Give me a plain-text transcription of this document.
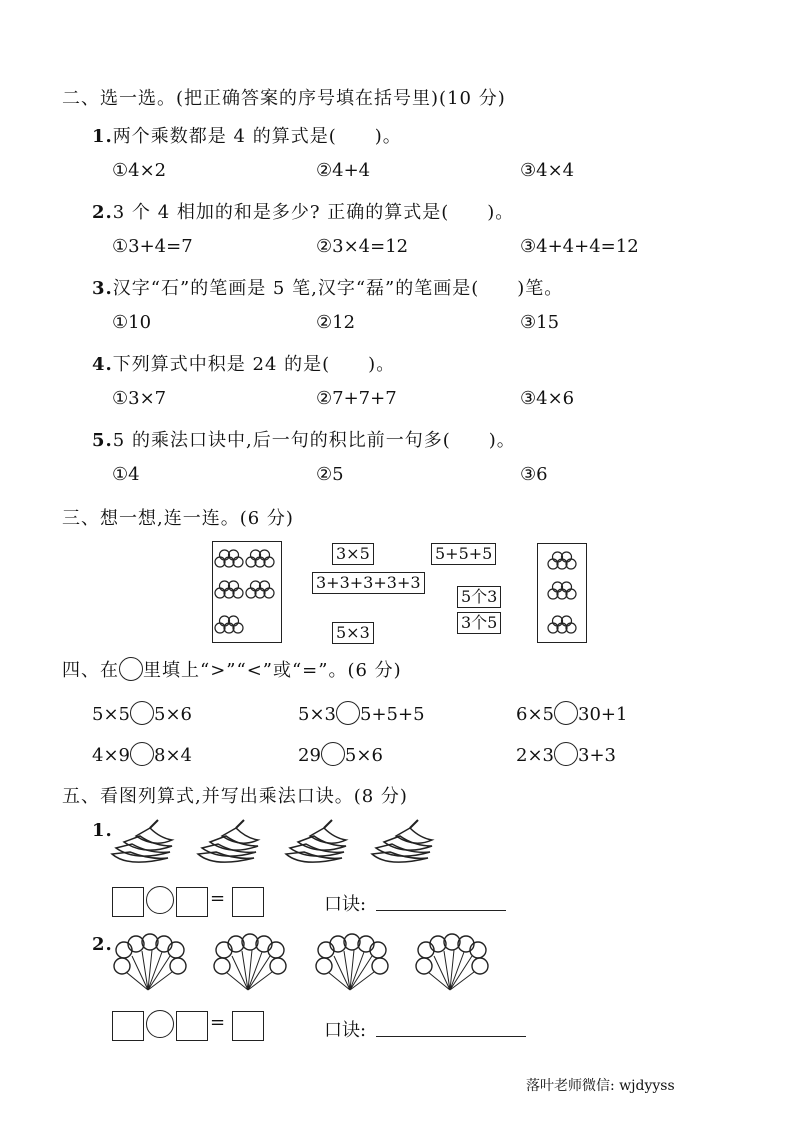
二、选一选。(把正确答案的序号填在括号里)(10 分)
1.两个乘数都是 4 的算式是(　　)。
①4×2	②4+4	③4×4
2.3 个 4 相加的和是多少? 正确的算式是(　　)。
①3+4=7	②3×4=12	③4+4+4=12
3.汉字“石”的笔画是 5 笔,汉字“磊”的笔画是(　　)笔。
①10	②12	③15
4.下列算式中积是 24 的是(　　)。
①3×7	②7+7+7	③4×6
5.5 的乘法口诀中,后一句的积比前一句多(　　)。
①4	②5	③6
三、想一想,连一连。(6 分)
3×5	5+5+5
3+3+3+3+3
5个3
3个5
5×3
四、在 里填上“>”“<”或“=”。(6 分)
5×5 5×6	5×3 5+5+5	6×5 30+1
4×9 8×4	29 5×6	2×3 3+3
五、看图列算式,并写出乘法口诀。(8 分)
1.
=	口诀:
2.
=	口诀:
落叶老师微信: wjdyyss
